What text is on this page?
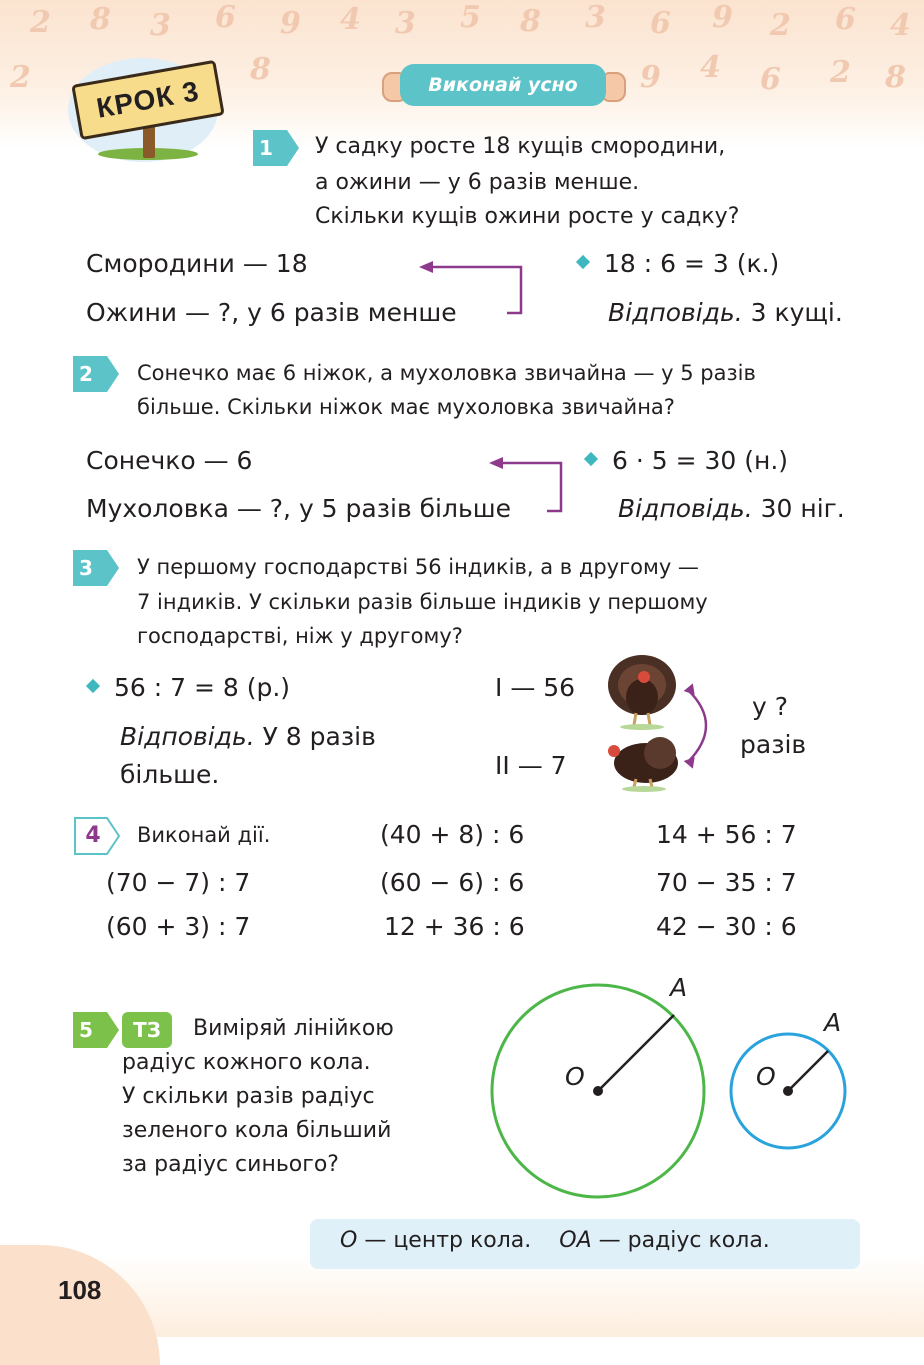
2 8 3 6 9 4 3 5 8 3 6 9 2 6 4
2	8	9 4 6 2 8
108
КРОК 3	Виконай усно
1 У садку росте 18 кущів смородини,
а ожини — у 6 разів менше.
Скільки кущів ожини росте у садку?
Смородини — 18
Ожини — ?, у 6 разів менше
18 : 6 = 3 (к.)
Відповідь. 3 кущі.
2 Сонечко має 6 ніжок, а мухоловка звичайна — у 5 разів
більше. Скільки ніжок має мухоловка звичайна?
Сонечко — 6
Мухоловка — ?, у 5 разів більше
6 · 5 = 30 (н.)
Відповідь. 30 ніг.
3 У першому господарстві 56 індиків, а в другому —
7 індиків. У скільки разів більше індиків у першому
господарстві, ніж у другому?
56 : 7 = 8 (р.)
Відповідь. У 8 разів
більше.
I — 56
II — 7
у ?
разів
4	Виконай дії.	(40 + 8) : 6	14 + 56 : 7
(70 − 7) : 7	(60 − 6) : 6	70 − 35 : 7
(60 + 3) : 7	12 + 36 : 6	42 − 30 : 6
5	ТЗ	Виміряй лінійкою
радіус кожного кола.
У скільки разів радіус
зеленого кола більший
за радіус синього?
O
A
O
A
O — центр кола. OA — радіус кола.
